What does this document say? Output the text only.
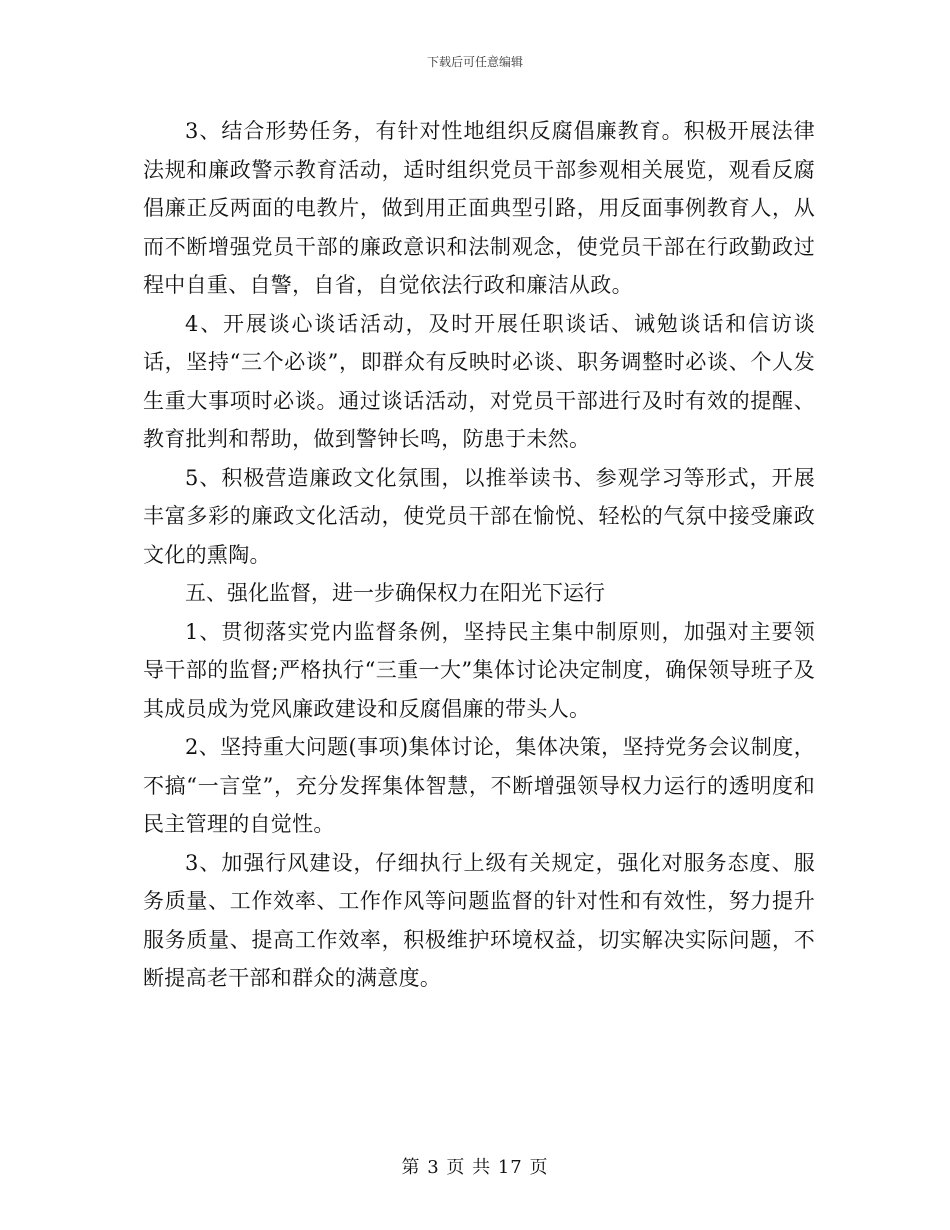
下载后可任意编辑

3、结合形势任务，有针对性地组织反腐倡廉教育。积极开展法律法规和廉政警示教育活动，适时组织党员干部参观相关展览，观看反腐倡廉正反两面的电教片，做到用正面典型引路，用反面事例教育人，从而不断增强党员干部的廉政意识和法制观念，使党员干部在行政勤政过程中自重、自警，自省，自觉依法行政和廉洁从政。

4、开展谈心谈话活动，及时开展任职谈话、诫勉谈话和信访谈话，坚持“三个必谈”，即群众有反映时必谈、职务调整时必谈、个人发生重大事项时必谈。通过谈话活动，对党员干部进行及时有效的提醒、教育批判和帮助，做到警钟长鸣，防患于未然。

5、积极营造廉政文化氛围，以推举读书、参观学习等形式，开展丰富多彩的廉政文化活动，使党员干部在愉悦、轻松的气氛中接受廉政文化的熏陶。

五、强化监督，进一步确保权力在阳光下运行

1、贯彻落实党内监督条例，坚持民主集中制原则，加强对主要领导干部的监督;严格执行“三重一大”集体讨论决定制度，确保领导班子及其成员成为党风廉政建设和反腐倡廉的带头人。

2、坚持重大问题(事项)集体讨论，集体决策，坚持党务会议制度，不搞“一言堂”，充分发挥集体智慧，不断增强领导权力运行的透明度和民主管理的自觉性。

3、加强行风建设，仔细执行上级有关规定，强化对服务态度、服务质量、工作效率、工作作风等问题监督的针对性和有效性，努力提升服务质量、提高工作效率，积极维护环境权益，切实解决实际问题，不断提高老干部和群众的满意度。

第 3 页 共 17 页
